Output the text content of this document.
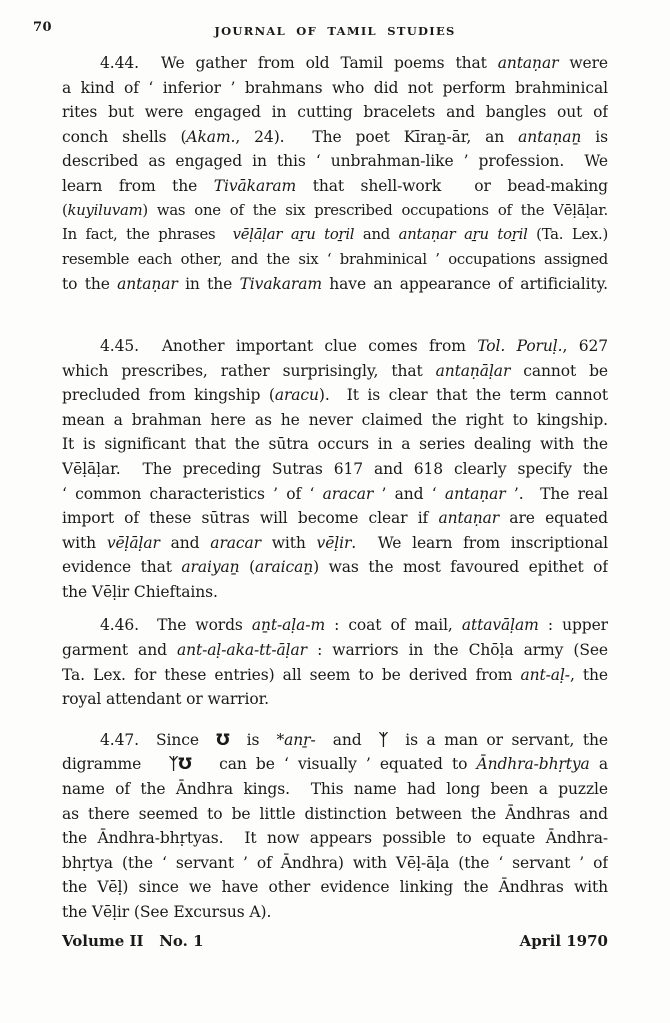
70	JOURNAL OF TAMIL STUDIES
4.44.  We gather from old Tamil poems that antaṇar were
a kind of ‘ inferior ’ brahmans who did not perform brahminical
rites but were engaged in cutting bracelets and bangles out of
conch shells (Akam., 24).  The poet Kīraṉ-ār, an antaṇaṉ is
described as engaged in this ‘ unbrahman-like ’ profession.  We
learn from the Tivākaram that shell-work  or bead-making
(kuyiluvam) was one of the six prescribed occupations of the Vēḷāḷar.
In fact, the phrases  vēḷāḷar aṟu toṟil and antaṇar aṟu toṟil (Ta. Lex.)
resemble each other, and the six ‘ brahminical ’ occupations assigned
to the antaṇar in the Tivakaram have an appearance of artificiality.
4.45.  Another important clue comes from Tol. Poruḷ., 627
which prescribes, rather surprisingly, that antaṇāḷar cannot be
precluded from kingship (aracu).  It is clear that the term cannot
mean a brahman here as he never claimed the right to kingship.
It is significant that the sūtra occurs in a series dealing with the
Vēḷāḷar.  The preceding Sutras 617 and 618 clearly specify the
‘ common characteristics ’ of ‘ aracar ’ and ‘ antaṇar ’.  The real
import of these sūtras will become clear if antaṇar are equated
with vēḷāḷar and aracar with vēḷir.  We learn from inscriptional
evidence that araiyaṉ (araicaṉ) was the most favoured epithet of
the Vēḷir Chieftains.
4.46.  The words aṉt-aḷa-m : coat of mail, attavāḷam : upper
garment and ant-aḷ-aka-tt-āḷar : warriors in the Chōḷa army (See
Ta. Lex. for these entries) all seem to be derived from ant-aḷ-, the
royal attendant or warrior.
4.47.  Since  Ʊ  is  *anṟ-  and  ᛉ  is a man or servant, the
digramme   ᛉƱ   can be ‘ visually ’ equated to Āndhra-bhṛtya a
name of the Āndhra kings.  This name had long been a puzzle
as there seemed to be little distinction between the Āndhras and
the Āndhra-bhṛtyas.  It now appears possible to equate Āndhra-
bhṛtya (the ‘ servant ’ of Āndhra) with Vēḷ-āḷa (the ‘ servant ’ of
the Vēḷ) since we have other evidence linking the Āndhras with
the Vēḷir (See Excursus A).
Volume II   No. 1	April 1970
